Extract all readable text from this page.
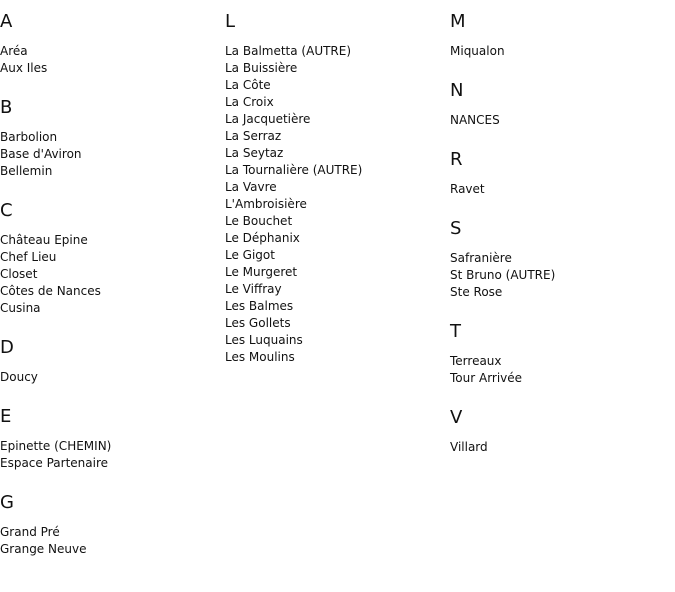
A
Aréa
Aux Iles
B
Barbolion
Base d'Aviron
Bellemin
C
Château Epine
Chef Lieu
Closet
Côtes de Nances
Cusina
D
Doucy
E
Epinette (CHEMIN)
Espace Partenaire
G
Grand Pré
Grange Neuve
L
La Balmetta (AUTRE)
La Buissière
La Côte
La Croix
La Jacquetière
La Serraz
La Seytaz
La Tournalière (AUTRE)
La Vavre
L'Ambroisière
Le Bouchet
Le Déphanix
Le Gigot
Le Murgeret
Le Viffray
Les Balmes
Les Gollets
Les Luquains
Les Moulins
M
Miqualon
N
NANCES
R
Ravet
S
Safranière
St Bruno (AUTRE)
Ste Rose
T
Terreaux
Tour Arrivée
V
Villard
